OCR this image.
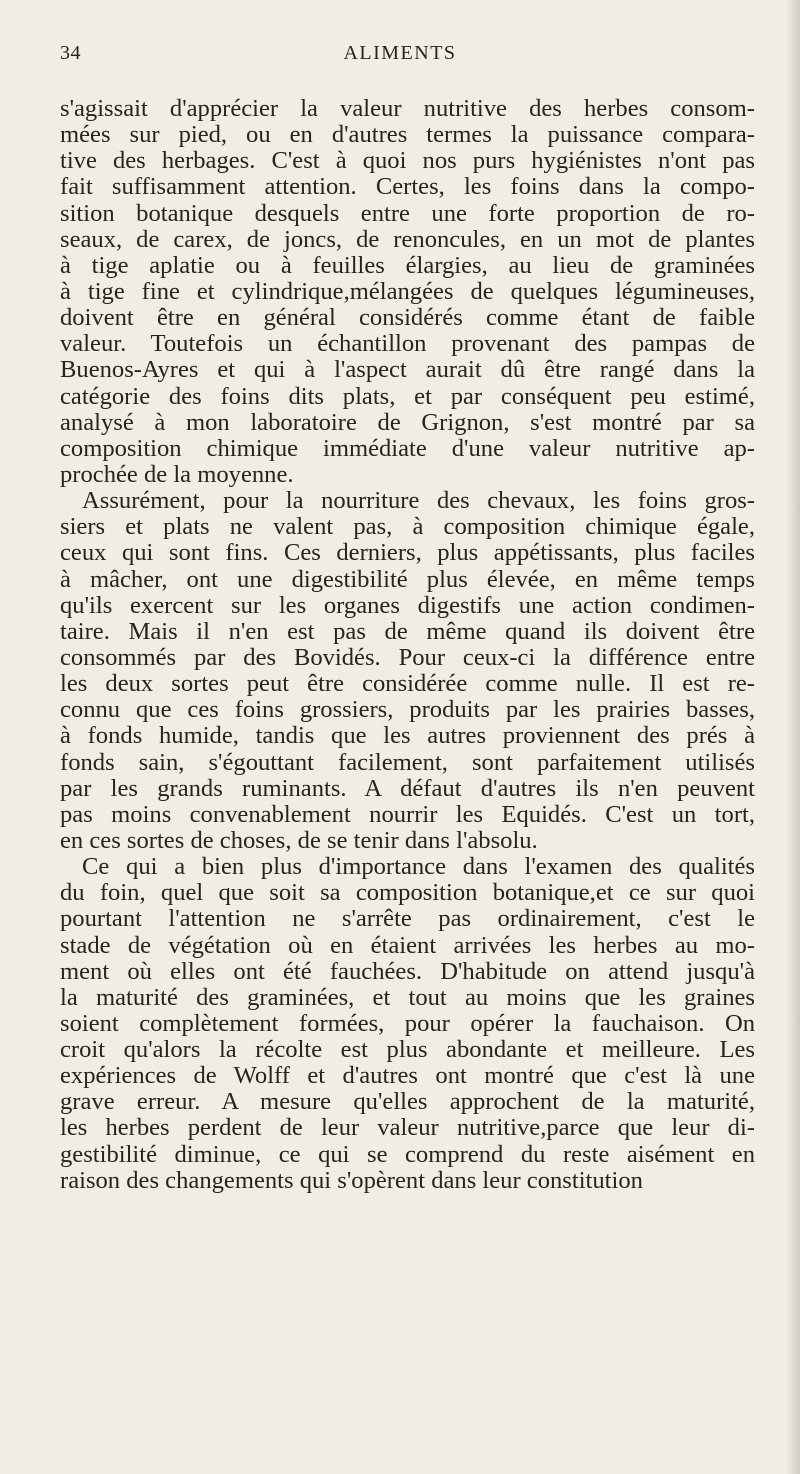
34	ALIMENTS
s'agissait d'apprécier la valeur nutritive des herbes consom-
mées sur pied, ou en d'autres termes la puissance compara-
tive des herbages. C'est à quoi nos purs hygiénistes n'ont pas
fait suffisamment attention. Certes, les foins dans la compo-
sition botanique desquels entre une forte proportion de ro-
seaux, de carex, de joncs, de renoncules, en un mot de plantes
à tige aplatie ou à feuilles élargies, au lieu de graminées
à tige fine et cylindrique,mélangées de quelques légumineuses,
doivent être en général considérés comme étant de faible
valeur. Toutefois un échantillon provenant des pampas de
Buenos-Ayres et qui à l'aspect aurait dû être rangé dans la
catégorie des foins dits plats, et par conséquent peu estimé,
analysé à mon laboratoire de Grignon, s'est montré par sa
composition chimique immédiate d'une valeur nutritive ap-
prochée de la moyenne.
Assurément, pour la nourriture des chevaux, les foins gros-
siers et plats ne valent pas, à composition chimique égale,
ceux qui sont fins. Ces derniers, plus appétissants, plus faciles
à mâcher, ont une digestibilité plus élevée, en même temps
qu'ils exercent sur les organes digestifs une action condimen-
taire. Mais il n'en est pas de même quand ils doivent être
consommés par des Bovidés. Pour ceux-ci la différence entre
les deux sortes peut être considérée comme nulle. Il est re-
connu que ces foins grossiers, produits par les prairies basses,
à fonds humide, tandis que les autres proviennent des prés à
fonds sain, s'égouttant facilement, sont parfaitement utilisés
par les grands ruminants. A défaut d'autres ils n'en peuvent
pas moins convenablement nourrir les Equidés. C'est un tort,
en ces sortes de choses, de se tenir dans l'absolu.
Ce qui a bien plus d'importance dans l'examen des qualités
du foin, quel que soit sa composition botanique,et ce sur quoi
pourtant l'attention ne s'arrête pas ordinairement, c'est le
stade de végétation où en étaient arrivées les herbes au mo-
ment où elles ont été fauchées. D'habitude on attend jusqu'à
la maturité des graminées, et tout au moins que les graines
soient complètement formées, pour opérer la fauchaison. On
croit qu'alors la récolte est plus abondante et meilleure. Les
expériences de Wolff et d'autres ont montré que c'est là une
grave erreur. A mesure qu'elles approchent de la maturité,
les herbes perdent de leur valeur nutritive,parce que leur di-
gestibilité diminue, ce qui se comprend du reste aisément en
raison des changements qui s'opèrent dans leur constitution
